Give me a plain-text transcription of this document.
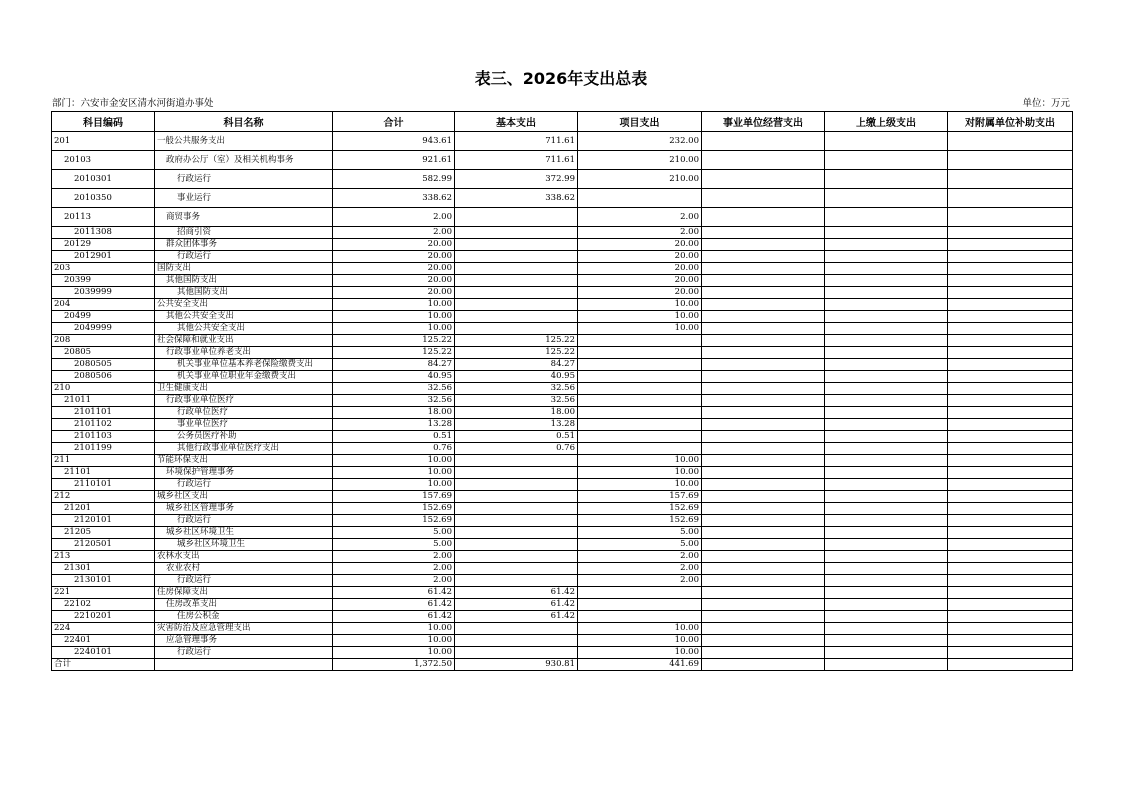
表三、2026年支出总表
部门：六安市金安区清水河街道办事处	单位：万元
科目编码	科目名称	合计	基本支出	项目支出	事业单位经营支出	上缴上级支出	对附属单位补助支出
201	一般公共服务支出	943.61	711.61	232.00			
20103	政府办公厅（室）及相关机构事务	921.61	711.61	210.00			
2010301	行政运行	582.99	372.99	210.00			
2010350	事业运行	338.62	338.62				
20113	商贸事务	2.00		2.00			
2011308	招商引资	2.00		2.00			
20129	群众团体事务	20.00		20.00			
2012901	行政运行	20.00		20.00			
203	国防支出	20.00		20.00			
20399	其他国防支出	20.00		20.00			
2039999	其他国防支出	20.00		20.00			
204	公共安全支出	10.00		10.00			
20499	其他公共安全支出	10.00		10.00			
2049999	其他公共安全支出	10.00		10.00			
208	社会保障和就业支出	125.22	125.22				
20805	行政事业单位养老支出	125.22	125.22				
2080505	机关事业单位基本养老保险缴费支出	84.27	84.27				
2080506	机关事业单位职业年金缴费支出	40.95	40.95				
210	卫生健康支出	32.56	32.56				
21011	行政事业单位医疗	32.56	32.56				
2101101	行政单位医疗	18.00	18.00				
2101102	事业单位医疗	13.28	13.28				
2101103	公务员医疗补助	0.51	0.51				
2101199	其他行政事业单位医疗支出	0.76	0.76				
211	节能环保支出	10.00		10.00			
21101	环境保护管理事务	10.00		10.00			
2110101	行政运行	10.00		10.00			
212	城乡社区支出	157.69		157.69			
21201	城乡社区管理事务	152.69		152.69			
2120101	行政运行	152.69		152.69			
21205	城乡社区环境卫生	5.00		5.00			
2120501	城乡社区环境卫生	5.00		5.00			
213	农林水支出	2.00		2.00			
21301	农业农村	2.00		2.00			
2130101	行政运行	2.00		2.00			
221	住房保障支出	61.42	61.42				
22102	住房改革支出	61.42	61.42				
2210201	住房公积金	61.42	61.42				
224	灾害防治及应急管理支出	10.00		10.00			
22401	应急管理事务	10.00		10.00			
2240101	行政运行	10.00		10.00			
合计		1,372.50	930.81	441.69			
